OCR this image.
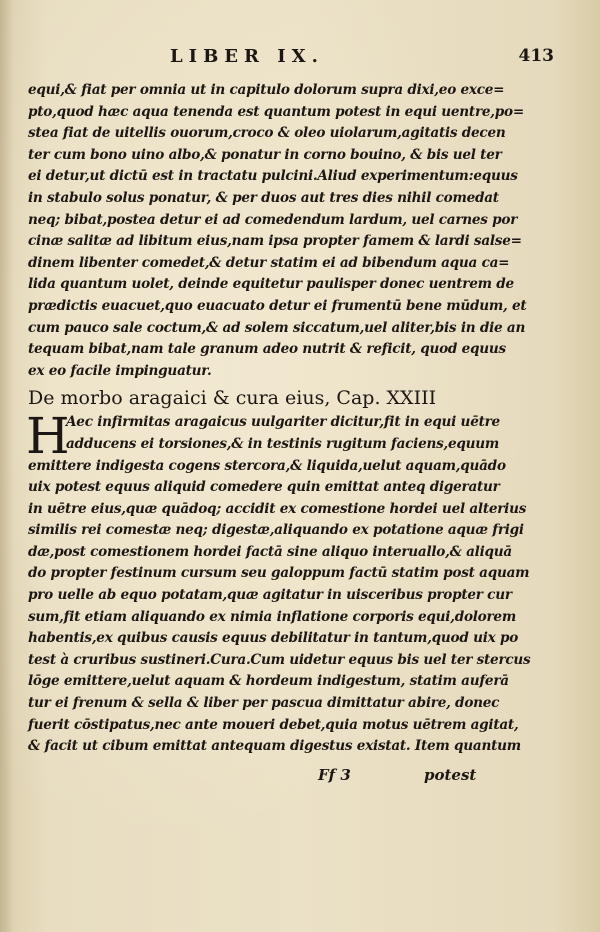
LIBER IX.	413
equi,& fiat per omnia ut in capitulo dolorum supra dixi,eo exce=
pto,quod hæc aqua tenenda est quantum potest in equi uentre,po=
stea fiat de uitellis ouorum,croco & oleo uiolarum,agitatis decen
ter cum bono uino albo,& ponatur in corno bouino, & bis uel ter
ei detur,ut dictū est in tractatu pulcini.Aliud experimentum:equus
in stabulo solus ponatur, & per duos aut tres dies nihil comedat
neq; bibat,postea detur ei ad comedendum lardum, uel carnes por
cinæ salitæ ad libitum eius,nam ipsa propter famem & lardi salse=
dinem libenter comedet,& detur statim ei ad bibendum aqua ca=
lida quantum uolet, deinde equitetur paulisper donec uentrem de
prædictis euacuet,quo euacuato detur ei frumentū bene mūdum, et
cum pauco sale coctum,& ad solem siccatum,uel aliter,bis in die an
tequam bibat,nam tale granum adeo nutrit & reficit, quod equus
ex eo facile impinguatur.
De morbo aragaici & cura eius, Cap. XXIII
H
Aec infirmitas aragaicus uulgariter dicitur,fit in equi uētre
adducens ei torsiones,& in testinis rugitum faciens,equum
emittere indigesta cogens stercora,& liquida,uelut aquam,quādo
uix potest equus aliquid comedere quin emittat anteq digeratur
in uētre eius,quæ quādoq; accidit ex comestione hordei uel alterius
similis rei comestæ neq; digestæ,aliquando ex potatione aquæ frigi
dæ,post comestionem hordei factā sine aliquo interuallo,& aliquā
do propter festinum cursum seu galoppum factū statim post aquam
pro uelle ab equo potatam,quæ agitatur in uisceribus propter cur
sum,fit etiam aliquando ex nimia inflatione corporis equi,dolorem
habentis,ex quibus causis equus debilitatur in tantum,quod uix po
test à cruribus sustineri.Cura.Cum uidetur equus bis uel ter stercus
lōge emittere,uelut aquam & hordeum indigestum, statim auferā
tur ei frenum & sella & liber per pascua dimittatur abire, donec
fuerit cōstipatus,nec ante moueri debet,quia motus uētrem agitat,
& facit ut cibum emittat antequam digestus existat. Item quantum
Ff 3	potest
